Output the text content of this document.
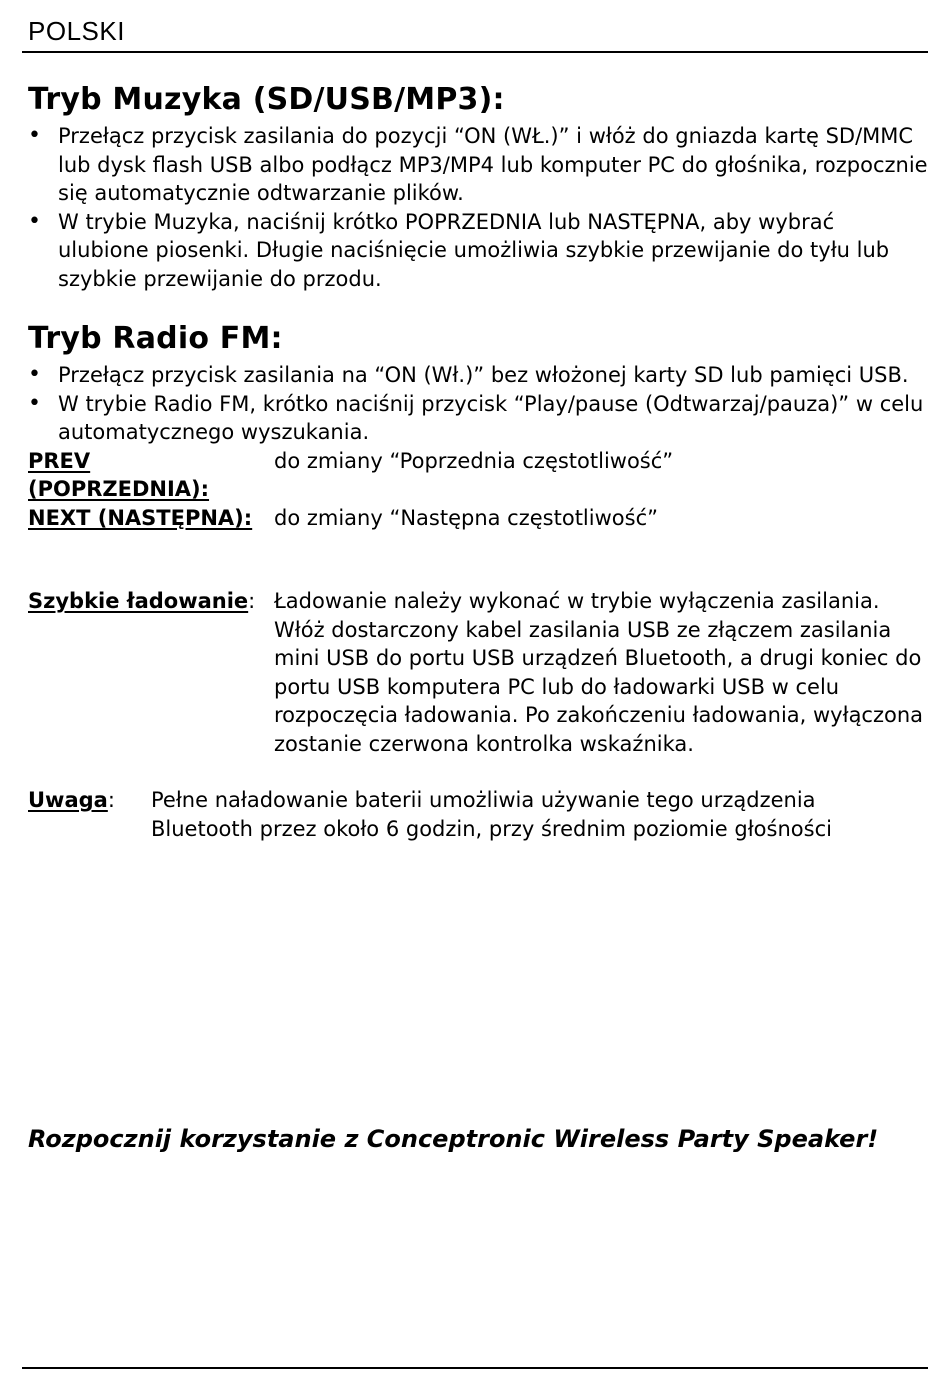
POLSKI
Tryb Muzyka (SD/USB/MP3):
• Przełącz przycisk zasilania do pozycji “ON (WŁ.)” i włóż do gniazda kartę SD/MMC lub dysk flash USB albo podłącz MP3/MP4 lub komputer PC do głośnika, rozpocznie się automatycznie odtwarzanie plików.
• W trybie Muzyka, naciśnij krótko POPRZEDNIA lub NASTĘPNA, aby wybrać ulubione piosenki. Długie naciśnięcie umożliwia szybkie przewijanie do tyłu lub szybkie przewijanie do przodu.
Tryb Radio FM:
• Przełącz przycisk zasilania na “ON (Wł.)” bez włożonej karty SD lub pamięci USB.
• W trybie Radio FM, krótko naciśnij przycisk “Play/pause (Odtwarzaj/pauza)” w celu automatycznego wyszukania.
PREV (POPRZEDNIA):
do zmiany “Poprzednia częstotliwość”
NEXT (NASTĘPNA):	do zmiany “Następna częstotliwość”
Szybkie ładowanie: Ładowanie należy wykonać w trybie wyłączenia zasilania. Włóż dostarczony kabel zasilania USB ze złączem zasilania mini USB do portu USB urządzeń Bluetooth, a drugi koniec do portu USB komputera PC lub do ładowarki USB w celu rozpoczęcia ładowania. Po zakończeniu ładowania, wyłączona zostanie czerwona kontrolka wskaźnika.
Uwaga:	Pełne naładowanie baterii umożliwia używanie tego urządzenia Bluetooth przez około 6 godzin, przy średnim poziomie głośności
Rozpocznij korzystanie z Conceptronic Wireless Party Speaker!
